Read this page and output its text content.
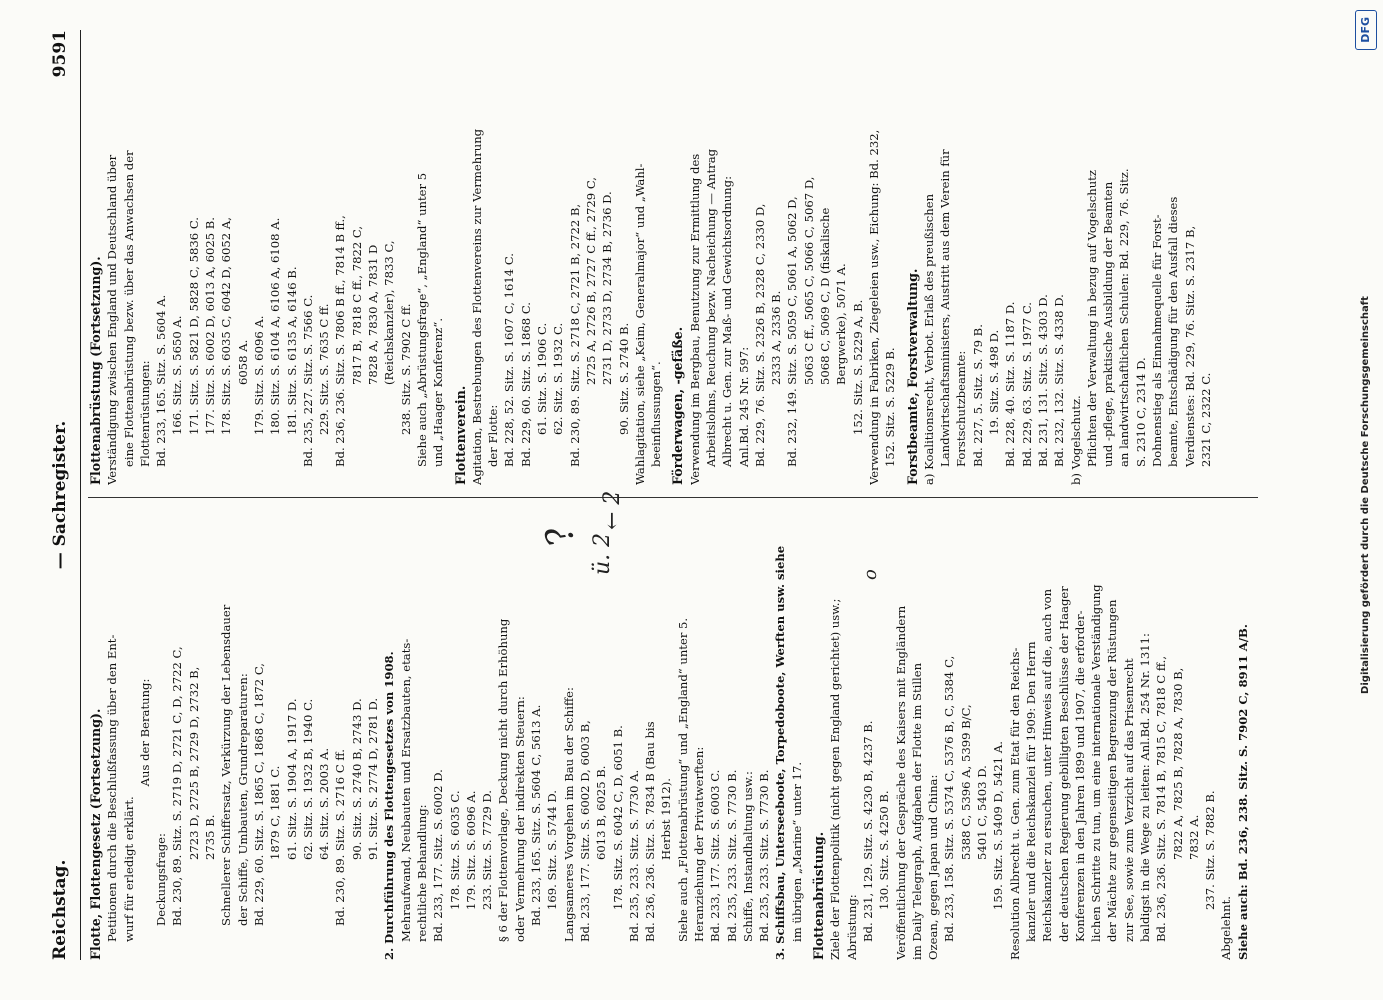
Reichstag.
— Sachregister.
9591
Flotte, Flottengesetz (Fortsetzung). Petitionen durch die Beschlußfassung über den Ent- wurf für erledigt erklärt.
Aus der Beratung:
Deckungsfrage: Bd. 230, 89. Sitz. S. 2719 D, 2721 C, D, 2722 C, 2723 D, 2725 B, 2729 D, 2732 B, 2735 B. Schnellerer Schiffersatz, Verkürzung der Lebensdauer der Schiffe, Umbauten, Grundreparaturen: Bd. 229, 60. Sitz. S. 1865 C, 1868 C, 1872 C, 1879 C, 1881 C. 61. Sitz. S. 1904 A, 1917 D. 62. Sitz. S. 1932 B, 1940 C. 64. Sitz. S. 2003 A. Bd. 230, 89. Sitz. S. 2716 C ff. 90. Sitz. S. 2740 B, 2743 D. 91. Sitz. S. 2774 D, 2781 D. 2. Durchführung des Flottengesetzes von 1908. Mehraufwand, Neubauten und Ersatzbauten, etats- rechtliche Behandlung: Bd. 233, 177. Sitz. S. 6002 D. 178. Sitz. S. 6035 C. 179. Sitz. S. 6096 A. 233. Sitz. S. 7729 D. § 6 der Flottenvorlage, Deckung nicht durch Erhöhung oder Vermehrung der indirekten Steuern: Bd. 233, 165. Sitz. S. 5604 C, 5613 A. 169. Sitz. S. 5744 D. Langsameres Vorgehen im Bau der Schiffe: Bd. 233, 177. Sitz. S. 6002 D, 6003 B, 6013 B, 6025 B. 178. Sitz. S. 6042 C, D, 6051 B. Bd. 235, 233. Sitz. S. 7730 A. Bd. 236, 236. Sitz. S. 7834 B (Bau bis Herbst 1912). Siehe auch „Flottenabrüstung“ und „England“ unter 5. Heranziehung der Privatwerften: Bd. 233, 177. Sitz. S. 6003 C. Bd. 235, 233. Sitz. S. 7730 B. Schiffe, Instandhaltung usw.: Bd. 235, 233. Sitz. S. 7730 B. 3. Schiffsbau, Unterseeboote, Torpedoboote, Werften usw. siehe im übrigen „Marine“ unter 17. Flottenabrüstung. Ziele der Flottenpolitik (nicht gegen England gerichtet) usw.; Abrüstung: Bd. 231, 129. Sitz. S. 4230 B, 4237 B. 130. Sitz. S. 4250 B. Veröffentlichung der Gespräche des Kaisers mit Engländern im Daily Telegraph, Aufgaben der Flotte im Stillen Ozean, gegen Japan und China: Bd. 233, 158. Sitz. S. 5374 C, 5376 B, C, 5384 C, 5388 C, 5396 A, 5399 B/C, 5401 C, 5403 D. 159. Sitz. S. 5409 D, 5421 A. Resolution Albrecht u. Gen. zum Etat für den Reichs- kanzler und die Reichskanzlei für 1909: Den Herrn Reichskanzler zu ersuchen, unter Hinweis auf die, auch von der deutschen Regierung gebilligten Beschlüsse der Haager Konferenzen in den Jahren 1899 und 1907, die erforder- lichen Schritte zu tun, um eine internationale Verständigung der Mächte zur gegenseitigen Begrenzung der Rüstungen zur See, sowie zum Verzicht auf das Prisenrecht baldigst in die Wege zu leiten: Anl.Bd. 254 Nr. 1311: Bd. 236, 236. Sitz. S. 7814 B, 7815 C, 7818 C ff., 7822 A, 7825 B, 7828 A, 7830 B, 7832 A. 237. Sitz. S. 7882 B.
Abgelehnt. Siehe auch: Bd. 236, 238. Sitz. S. 7902 C, 8911 A/B.
Flottenabrüstung (Fortsetzung). Verständigung zwischen England und Deutschland über eine Flottenabrüstung bezw. über das Anwachsen der Flottenrüstungen: Bd. 233, 165. Sitz. S. 5604 A. 166. Sitz. S. 5650 A. 171. Sitz. S. 5821 D, 5828 C, 5836 C. 177. Sitz. S. 6002 D, 6013 A, 6025 B. 178. Sitz. S. 6035 C, 6042 D, 6052 A, 6058 A. 179. Sitz. S. 6096 A. 180. Sitz. S. 6104 A, 6106 A, 6108 A. 181. Sitz. S. 6135 A, 6146 B. Bd. 235, 227. Sitz. S. 7566 C. 229. Sitz. S. 7635 C ff. Bd. 236, 236. Sitz. S. 7806 B ff., 7814 B ff., 7817 B, 7818 C ff., 7822 C, 7828 A, 7830 A, 7831 D (Reichskanzler), 7833 C, 238. Sitz. S. 7902 C ff. Siehe auch „Abrüstungsfrage“, „England“ unter 5 und „Haager Konferenz“. Flottenverein. Agitation, Bestrebungen des Flottenvereins zur Vermehrung der Flotte: Bd. 228, 52. Sitz. S. 1607 C, 1614 C. Bd. 229, 60. Sitz. S. 1868 C. 61. Sitz. S. 1906 C. 62. Sitz. S. 1932 C. Bd. 230, 89. Sitz. S. 2718 C, 2721 B, 2722 B, 2725 A, 2726 B, 2727 C ff., 2729 C, 2731 D, 2733 D, 2734 B, 2736 D. 90. Sitz. S. 2740 B. Wahlagitation, siehe „Keim, Generalmajor“ und „Wahl- beeinflussungen“. Förderwagen, -gefäße. Verwendung im Bergbau, Benutzung zur Ermittlung des Arbeitslohns, Reuchung bezw. Nacheichung — Antrag Albrecht u. Gen. zur Maß- und Gewichtsordnung: Anl.Bd. 245 Nr. 597: Bd. 229, 76. Sitz. S. 2326 B, 2328 C, 2330 D, 2333 A, 2336 B. Bd. 232, 149. Sitz. S. 5059 C, 5061 A, 5062 D, 5063 C ff., 5065 C, 5066 C, 5067 D, 5068 C, 5069 C, D (fiskalische Bergwerke), 5071 A. 152. Sitz. S. 5229 A, B. Verwendung in Fabriken, Ziegeleien usw., Eichung: Bd. 232, 152. Sitz. S. 5229 B. Forstbeamte, Forstverwaltung. a) Koalitionsrecht, Verbot. Erlaß des preußischen Landwirtschaftsministers, Austritt aus dem Verein für Forstschutzbeamte: Bd. 227, 5. Sitz. S. 79 B. 19. Sitz. S. 498 D. Bd. 228, 40. Sitz. S. 1187 D. Bd. 229, 63. Sitz. S. 1977 C. Bd. 231, 131. Sitz. S. 4303 D. Bd. 232, 132. Sitz. S. 4338 D. b) Vogelschutz. Pflichten der Verwaltung in bezug auf Vogelschutz und -pflege, praktische Ausbildung der Beamten an landwirtschaftlichen Schulen: Bd. 229, 76. Sitz. S. 2310 C, 2314 D. Dohnenstieg als Einnahmequelle für Forst- beamte, Entschädigung für den Ausfall dieses Verdienstes: Bd. 229, 76. Sitz. S. 2317 B, 2321 C, 2322 C.
? ü. 2
← 2
o	Digitalisierung gefördert durch die Deutsche Forschungsgemeinschaft
DFG
